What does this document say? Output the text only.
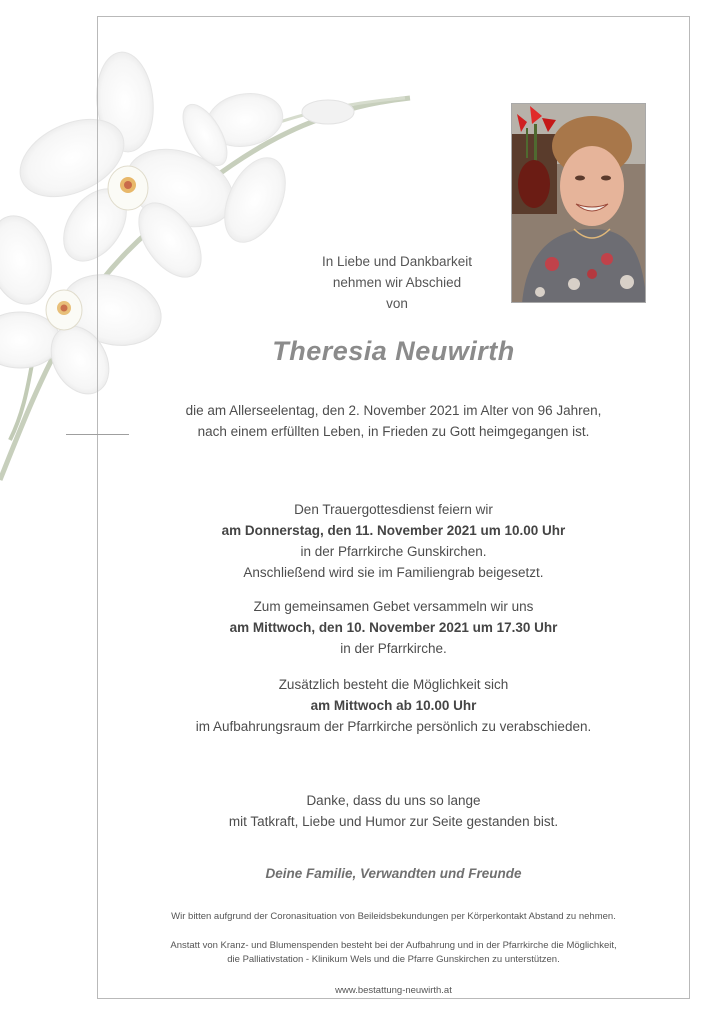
In Liebe und Dankbarkeit
nehmen wir Abschied
von
Theresia Neuwirth
die am Allerseelentag, den 2. November 2021 im Alter von 96 Jahren,
nach einem erfüllten Leben, in Frieden zu Gott heimgegangen ist.
Den Trauergottesdienst feiern wir
am Donnerstag, den 11. November 2021 um 10.00 Uhr
in der Pfarrkirche Gunskirchen.
Anschließend wird sie im Familiengrab beigesetzt.
Zum gemeinsamen Gebet versammeln wir uns
am Mittwoch, den 10. November 2021 um 17.30 Uhr
in der Pfarrkirche.
Zusätzlich besteht die Möglichkeit sich
am Mittwoch ab 10.00 Uhr
im Aufbahrungsraum der Pfarrkirche persönlich zu verabschieden.
Danke, dass du uns so lange
mit Tatkraft, Liebe und Humor zur Seite gestanden bist.
Deine Familie, Verwandten und Freunde
Wir bitten aufgrund der Coronasituation von Beileidsbekundungen per Körperkontakt Abstand zu nehmen.
Anstatt von Kranz- und Blumenspenden besteht bei der Aufbahrung und in der Pfarrkirche die Möglichkeit,
die Palliativstation - Klinikum Wels und die Pfarre Gunskirchen zu unterstützen.
www.bestattung-neuwirth.at
